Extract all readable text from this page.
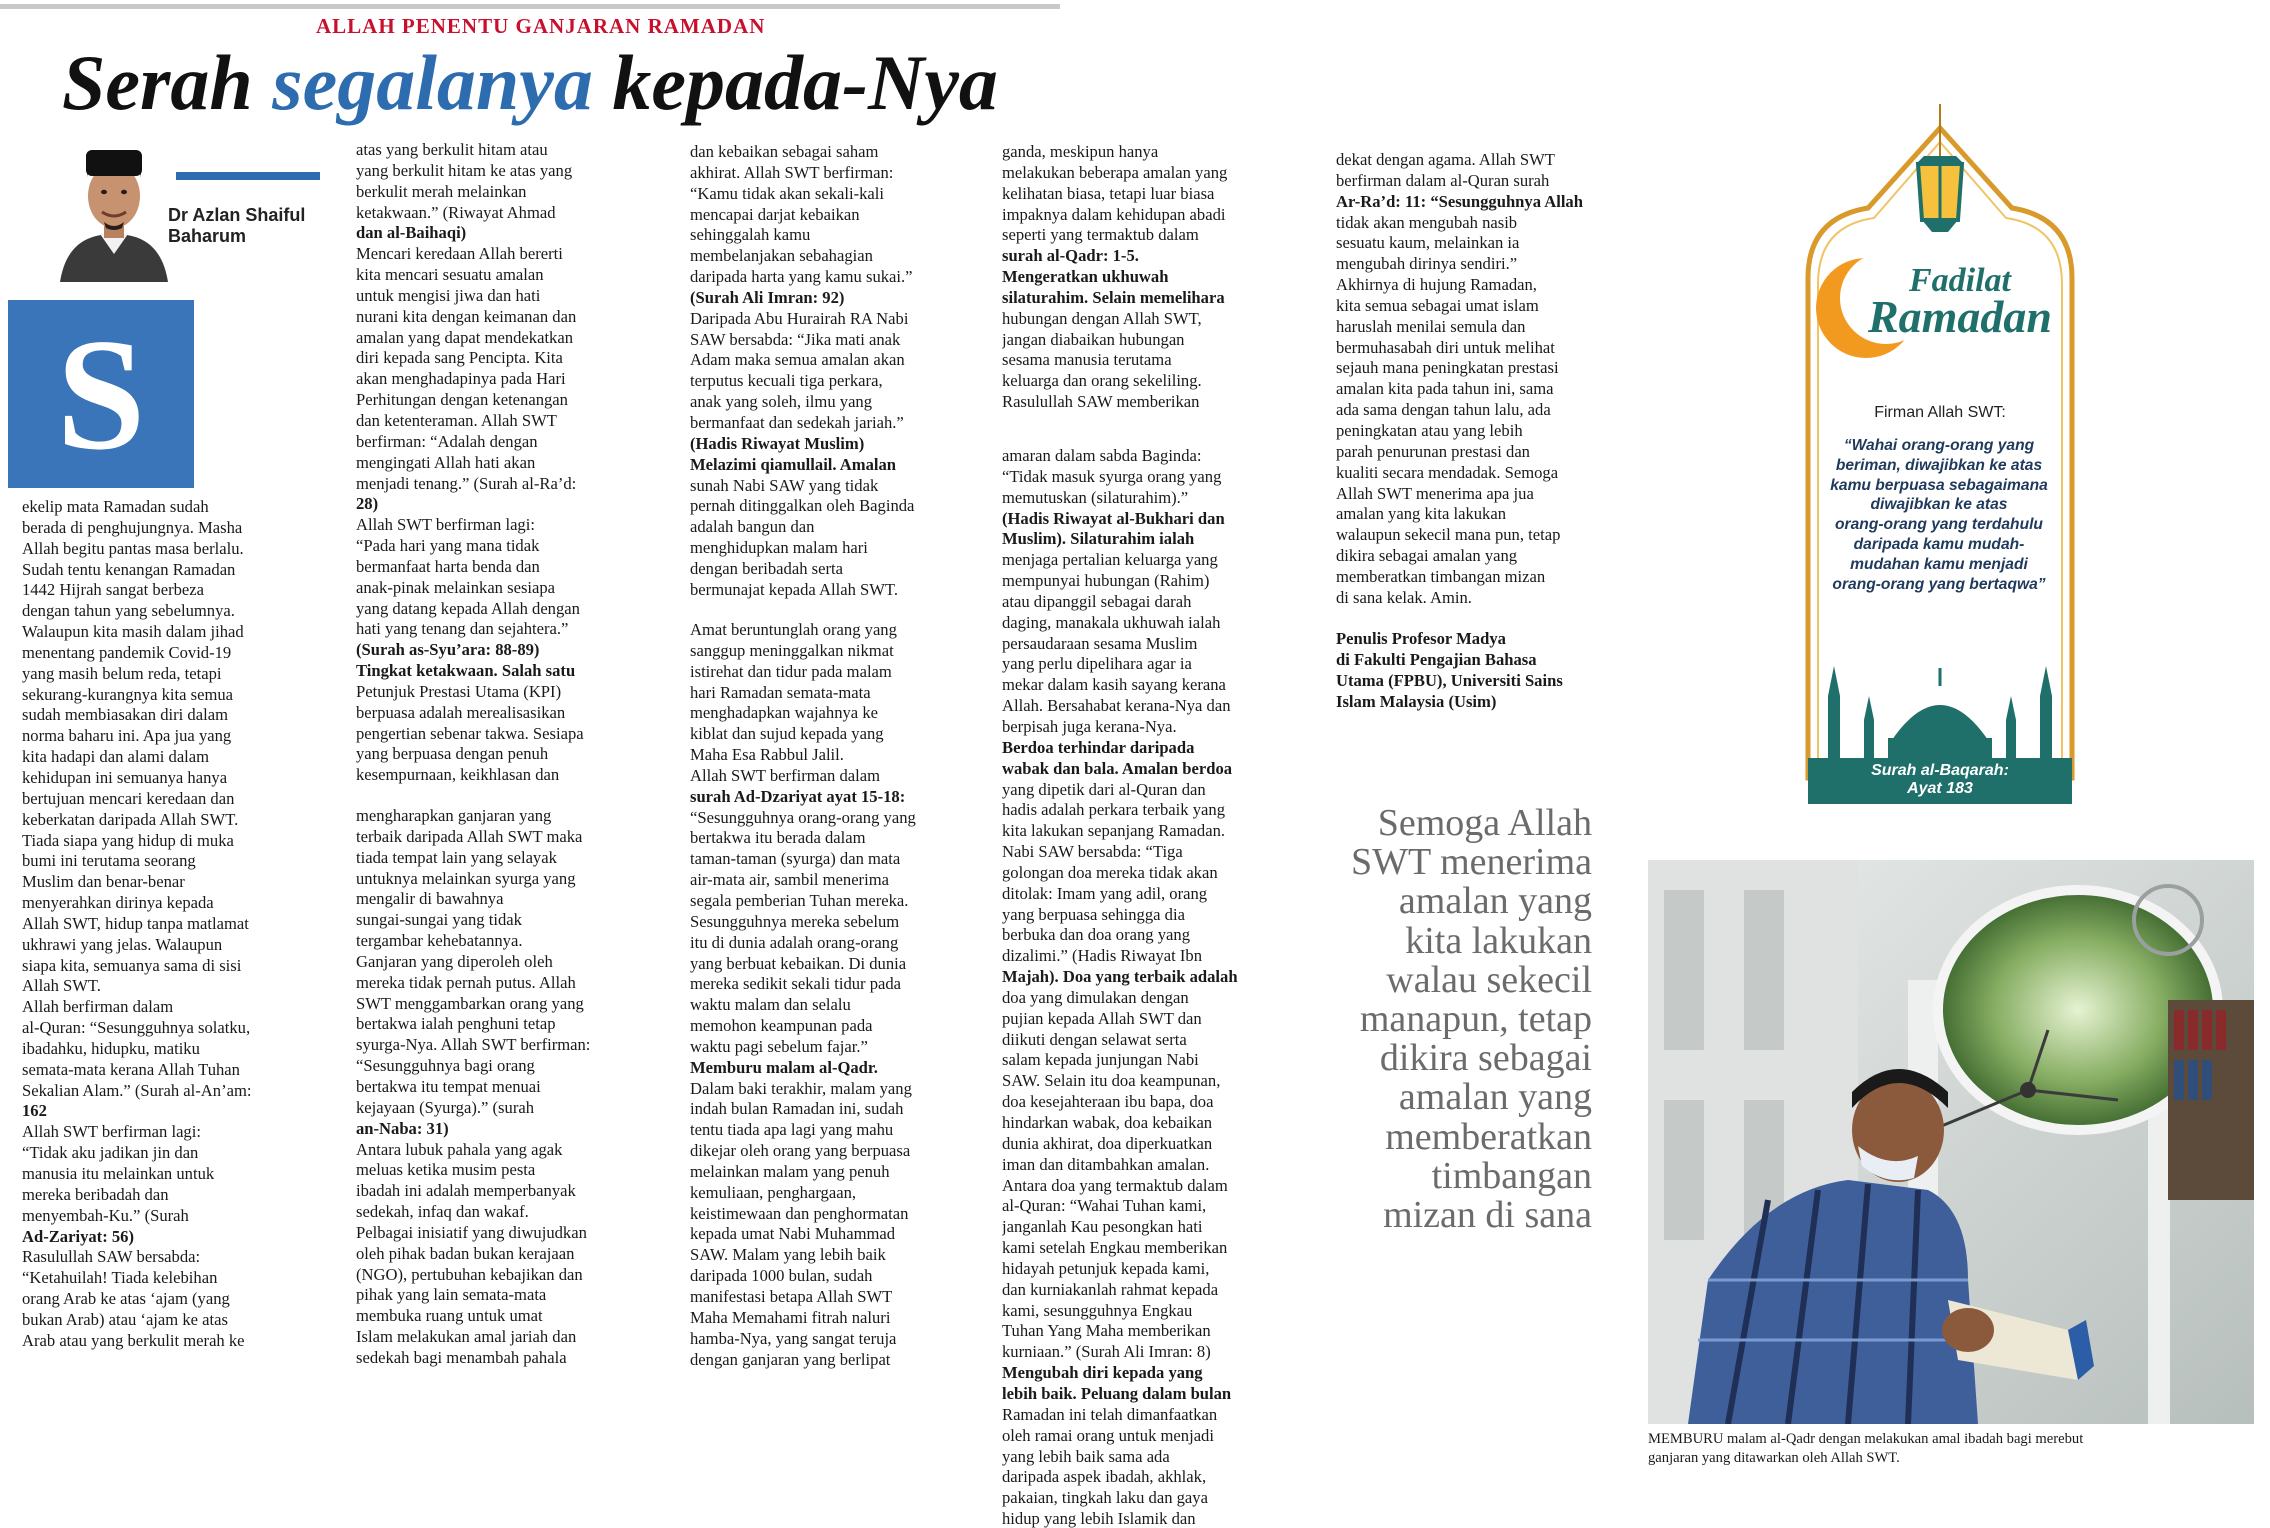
ALLAH PENENTU GANJARAN RAMADAN
Serah segalanya kepada-Nya
Dr Azlan Shaiful
Baharum
S

ekelip mata Ramadan sudah

berada di penghujungnya. Masha

Allah begitu pantas masa berlalu.

Sudah tentu kenangan Ramadan

1442 Hijrah sangat berbeza

dengan tahun yang sebelumnya.

Walaupun kita masih dalam jihad

menentang pandemik Covid-19

yang masih belum reda, tetapi

sekurang-kurangnya kita semua

sudah membiasakan diri dalam

norma baharu ini. Apa jua yang

kita hadapi dan alami dalam

kehidupan ini semuanya hanya

bertujuan mencari keredaan dan

keberkatan daripada Allah SWT.

Tiada siapa yang hidup di muka

bumi ini terutama seorang

Muslim dan benar-benar

menyerahkan dirinya kepada

Allah SWT, hidup tanpa matlamat

ukhrawi yang jelas. Walaupun

siapa kita, semuanya sama di sisi

Allah SWT.

Allah berfirman dalam

al-Quran: “Sesungguhnya solatku,

ibadahku, hidupku, matiku

semata-mata kerana Allah Tuhan

Sekalian Alam.” (Surah al-An’am:

162

Allah SWT berfirman lagi:

“Tidak aku jadikan jin dan

manusia itu melainkan untuk

mereka beribadah dan

menyembah-Ku.” (Surah

Ad-Zariyat: 56)

Rasulullah SAW bersabda:

“Ketahuilah! Tiada kelebihan

orang Arab ke atas ‘ajam (yang

bukan Arab) atau ‘ajam ke atas

Arab atau yang berkulit merah ke

atas yang berkulit hitam atau

yang berkulit hitam ke atas yang

berkulit merah melainkan

ketakwaan.” (Riwayat Ahmad

dan al-Baihaqi)

Mencari keredaan Allah bererti

kita mencari sesuatu amalan

untuk mengisi jiwa dan hati

nurani kita dengan keimanan dan

amalan yang dapat mendekatkan

diri kepada sang Pencipta. Kita

akan menghadapinya pada Hari

Perhitungan dengan ketenangan

dan ketenteraman. Allah SWT

berfirman: “Adalah dengan

mengingati Allah hati akan

menjadi tenang.” (Surah al-Ra’d:

28)

Allah SWT berfirman lagi:

“Pada hari yang mana tidak

bermanfaat harta benda dan

anak-pinak melainkan sesiapa

yang datang kepada Allah dengan

hati yang tenang dan sejahtera.”

(Surah as-Syu’ara: 88-89)

Tingkat ketakwaan. Salah satu

Petunjuk Prestasi Utama (KPI)

berpuasa adalah merealisasikan

pengertian sebenar takwa. Sesiapa

yang berpuasa dengan penuh

kesempurnaan, keikhlasan dan

mengharapkan ganjaran yang

terbaik daripada Allah SWT maka

tiada tempat lain yang selayak

untuknya melainkan syurga yang

mengalir di bawahnya

sungai-sungai yang tidak

tergambar kehebatannya.

Ganjaran yang diperoleh oleh

mereka tidak pernah putus. Allah

SWT menggambarkan orang yang

bertakwa ialah penghuni tetap

syurga-Nya. Allah SWT berfirman:

“Sesungguhnya bagi orang

bertakwa itu tempat menuai

kejayaan (Syurga).” (surah

an-Naba: 31)

Antara lubuk pahala yang agak

meluas ketika musim pesta

ibadah ini adalah memperbanyak

sedekah, infaq dan wakaf.

Pelbagai inisiatif yang diwujudkan

oleh pihak badan bukan kerajaan

(NGO), pertubuhan kebajikan dan

pihak yang lain semata-mata

membuka ruang untuk umat

Islam melakukan amal jariah dan

sedekah bagi menambah pahala

dan kebaikan sebagai saham

akhirat. Allah SWT berfirman:

“Kamu tidak akan sekali-kali

mencapai darjat kebaikan

sehinggalah kamu

membelanjakan sebahagian

daripada harta yang kamu sukai.”

(Surah Ali Imran: 92)

Daripada Abu Hurairah RA Nabi

SAW bersabda: “Jika mati anak

Adam maka semua amalan akan

terputus kecuali tiga perkara,

anak yang soleh, ilmu yang

bermanfaat dan sedekah jariah.”

(Hadis Riwayat Muslim)

Melazimi qiamullail. Amalan

sunah Nabi SAW yang tidak

pernah ditinggalkan oleh Baginda

adalah bangun dan

menghidupkan malam hari

dengan beribadah serta

bermunajat kepada Allah SWT.

Amat beruntunglah orang yang

sanggup meninggalkan nikmat

istirehat dan tidur pada malam

hari Ramadan semata-mata

menghadapkan wajahnya ke

kiblat dan sujud kepada yang

Maha Esa Rabbul Jalil.

Allah SWT berfirman dalam

surah Ad-Dzariyat ayat 15-18:

“Sesungguhnya orang-orang yang

bertakwa itu berada dalam

taman-taman (syurga) dan mata

air-mata air, sambil menerima

segala pemberian Tuhan mereka.

Sesungguhnya mereka sebelum

itu di dunia adalah orang-orang

yang berbuat kebaikan. Di dunia

mereka sedikit sekali tidur pada

waktu malam dan selalu

memohon keampunan pada

waktu pagi sebelum fajar.”

Memburu malam al-Qadr.

Dalam baki terakhir, malam yang

indah bulan Ramadan ini, sudah

tentu tiada apa lagi yang mahu

dikejar oleh orang yang berpuasa

melainkan malam yang penuh

kemuliaan, penghargaan,

keistimewaan dan penghormatan

kepada umat Nabi Muhammad

SAW. Malam yang lebih baik

daripada 1000 bulan, sudah

manifestasi betapa Allah SWT

Maha Memahami fitrah naluri

hamba-Nya, yang sangat teruja

dengan ganjaran yang berlipat

ganda, meskipun hanya

melakukan beberapa amalan yang

kelihatan biasa, tetapi luar biasa

impaknya dalam kehidupan abadi

seperti yang termaktub dalam

surah al-Qadr: 1-5.

Mengeratkan ukhuwah

silaturahim. Selain memelihara

hubungan dengan Allah SWT,

jangan diabaikan hubungan

sesama manusia terutama

keluarga dan orang sekeliling.

Rasulullah SAW memberikan

amaran dalam sabda Baginda:

“Tidak masuk syurga orang yang

memutuskan (silaturahim).”

(Hadis Riwayat al-Bukhari dan

Muslim). Silaturahim ialah

menjaga pertalian keluarga yang

mempunyai hubungan (Rahim)

atau dipanggil sebagai darah

daging, manakala ukhuwah ialah

persaudaraan sesama Muslim

yang perlu dipelihara agar ia

mekar dalam kasih sayang kerana

Allah. Bersahabat kerana-Nya dan

berpisah juga kerana-Nya.

Berdoa terhindar daripada

wabak dan bala. Amalan berdoa

yang dipetik dari al-Quran dan

hadis adalah perkara terbaik yang

kita lakukan sepanjang Ramadan.

Nabi SAW bersabda: “Tiga

golongan doa mereka tidak akan

ditolak: Imam yang adil, orang

yang berpuasa sehingga dia

berbuka dan doa orang yang

dizalimi.” (Hadis Riwayat Ibn

Majah). Doa yang terbaik adalah

doa yang dimulakan dengan

pujian kepada Allah SWT dan

diikuti dengan selawat serta

salam kepada junjungan Nabi

SAW. Selain itu doa keampunan,

doa kesejahteraan ibu bapa, doa

hindarkan wabak, doa kebaikan

dunia akhirat, doa diperkuatkan

iman dan ditambahkan amalan.

Antara doa yang termaktub dalam

al-Quran: “Wahai Tuhan kami,

janganlah Kau pesongkan hati

kami setelah Engkau memberikan

hidayah petunjuk kepada kami,

dan kurniakanlah rahmat kepada

kami, sesungguhnya Engkau

Tuhan Yang Maha memberikan

kurniaan.” (Surah Ali Imran: 8)

Mengubah diri kepada yang

lebih baik. Peluang dalam bulan

Ramadan ini telah dimanfaatkan

oleh ramai orang untuk menjadi

yang lebih baik sama ada

daripada aspek ibadah, akhlak,

pakaian, tingkah laku dan gaya

hidup yang lebih Islamik dan

dekat dengan agama. Allah SWT

berfirman dalam al-Quran surah

Ar-Ra’d: 11: “Sesungguhnya Allah

tidak akan mengubah nasib

sesuatu kaum, melainkan ia

mengubah dirinya sendiri.”

Akhirnya di hujung Ramadan,

kita semua sebagai umat islam

haruslah menilai semula dan

bermuhasabah diri untuk melihat

sejauh mana peningkatan prestasi

amalan kita pada tahun ini, sama

ada sama dengan tahun lalu, ada

peningkatan atau yang lebih

parah penurunan prestasi dan

kualiti secara mendadak. Semoga

Allah SWT menerima apa jua

amalan yang kita lakukan

walaupun sekecil mana pun, tetap

dikira sebagai amalan yang

memberatkan timbangan mizan

di sana kelak. Amin.

Penulis Profesor Madya

di Fakulti Pengajian Bahasa

Utama (FPBU), Universiti Sains

Islam Malaysia (Usim)

Fadilat
Ramadan
Firman Allah SWT:
“Wahai orang-orang yang
beriman, diwajibkan ke atas
kamu berpuasa sebagaimana
diwajibkan ke atas
orang-orang yang terdahulu
daripada kamu mudah-
mudahan kamu menjadi
orang-orang yang bertaqwa”
Surah al-Baqarah:
Ayat 183
Semoga Allah
SWT menerima
amalan yang
kita lakukan
walau sekecil
manapun, tetap
dikira sebagai
amalan yang
memberatkan
timbangan
mizan di sana
MEMBURU malam al-Qadr dengan melakukan amal ibadah bagi merebut
ganjaran yang ditawarkan oleh Allah SWT.
